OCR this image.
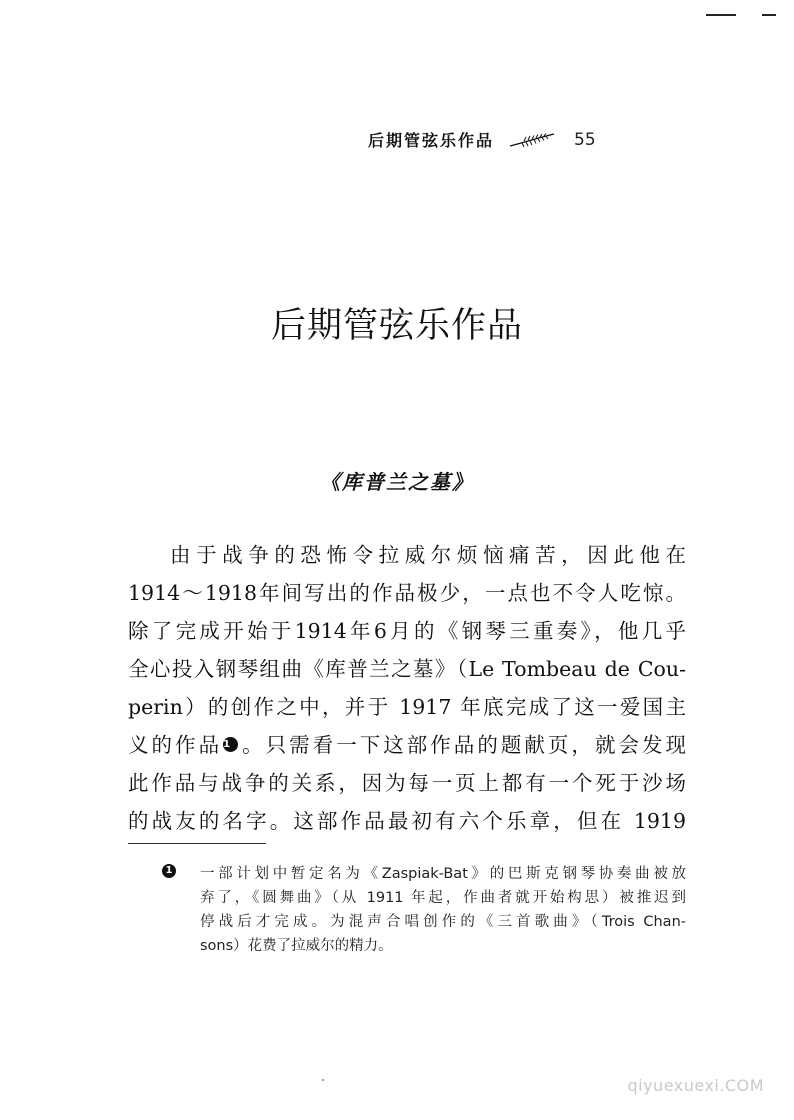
后期管弦乐作品	55
后期管弦乐作品
《库普兰之墓》
由于战争的恐怖令拉威尔烦恼痛苦，因此他在
1914～1918年间写出的作品极少，一点也不令人吃惊。
除了完成开始于1914年6月的《钢琴三重奏》，他几乎
全心投入钢琴组曲《库普兰之墓》（Le Tombeau de Cou-
perin）的创作之中，并于 1917 年底完成了这一爱国主
义的作品1 。只需看一下这部作品的题献页，就会发现
此作品与战争的关系，因为每一页上都有一个死于沙场
的战友的名字。这部作品最初有六个乐章，但在 1919
1 一部计划中暂定名为《Zaspiak-Bat》的巴斯克钢琴协奏曲被放
弃了，《圆舞曲》（从 1911 年起，作曲者就开始构思）被推迟到
停战后才完成。为混声合唱创作的《三首歌曲》（Trois Chan-
sons）花费了拉威尔的精力。
qiyuexuexi.COM
